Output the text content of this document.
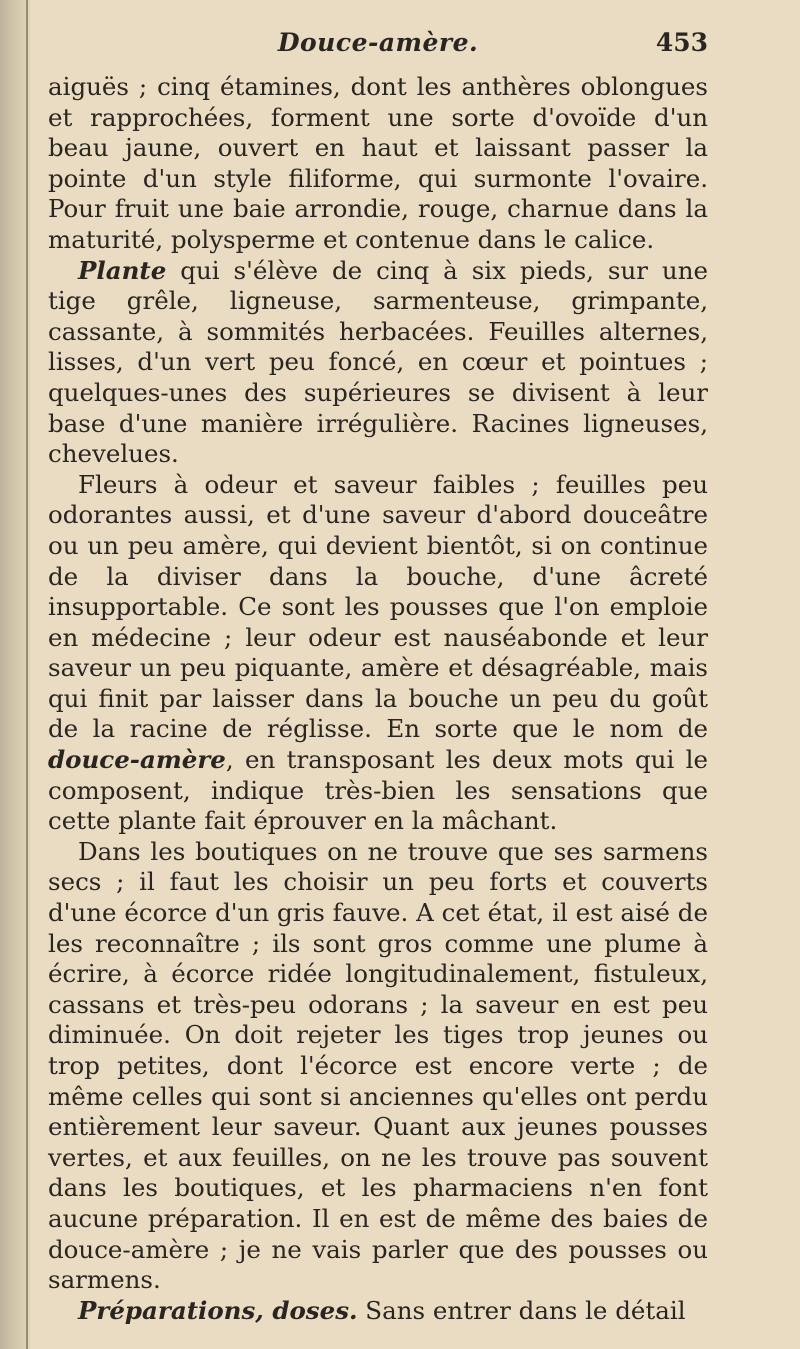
Douce-amère.	453

aiguës ; cinq étamines, dont les anthères oblongues et rapprochées, forment une sorte d'ovoïde d'un beau jaune, ouvert en haut et laissant passer la pointe d'un style filiforme, qui surmonte l'ovaire. Pour fruit une baie arrondie, rouge, charnue dans la maturité, polysperme et contenue dans le calice.

Plante qui s'élève de cinq à six pieds, sur une tige grêle, ligneuse, sarmenteuse, grimpante, cassante, à sommités herbacées. Feuilles alternes, lisses, d'un vert peu foncé, en cœur et pointues ; quelques-unes des supérieures se divisent à leur base d'une manière irrégulière. Racines ligneuses, chevelues.

Fleurs à odeur et saveur faibles ; feuilles peu odorantes aussi, et d'une saveur d'abord douceâtre ou un peu amère, qui devient bientôt, si on continue de la diviser dans la bouche, d'une âcreté insupportable. Ce sont les pousses que l'on emploie en médecine ; leur odeur est nauséabonde et leur saveur un peu piquante, amère et désagréable, mais qui finit par laisser dans la bouche un peu du goût de la racine de réglisse. En sorte que le nom de douce-amère, en transposant les deux mots qui le composent, indique très-bien les sensations que cette plante fait éprouver en la mâchant.

Dans les boutiques on ne trouve que ses sarmens secs ; il faut les choisir un peu forts et couverts d'une écorce d'un gris fauve. A cet état, il est aisé de les reconnaître ; ils sont gros comme une plume à écrire, à écorce ridée longitudinalement, fistuleux, cassans et très-peu odorans ; la saveur en est peu diminuée. On doit rejeter les tiges trop jeunes ou trop petites, dont l'écorce est encore verte ; de même celles qui sont si anciennes qu'elles ont perdu entièrement leur saveur. Quant aux jeunes pousses vertes, et aux feuilles, on ne les trouve pas souvent dans les boutiques, et les pharmaciens n'en font aucune préparation. Il en est de même des baies de douce-amère ; je ne vais parler que des pousses ou sarmens.

Préparations, doses. Sans entrer dans le détail
